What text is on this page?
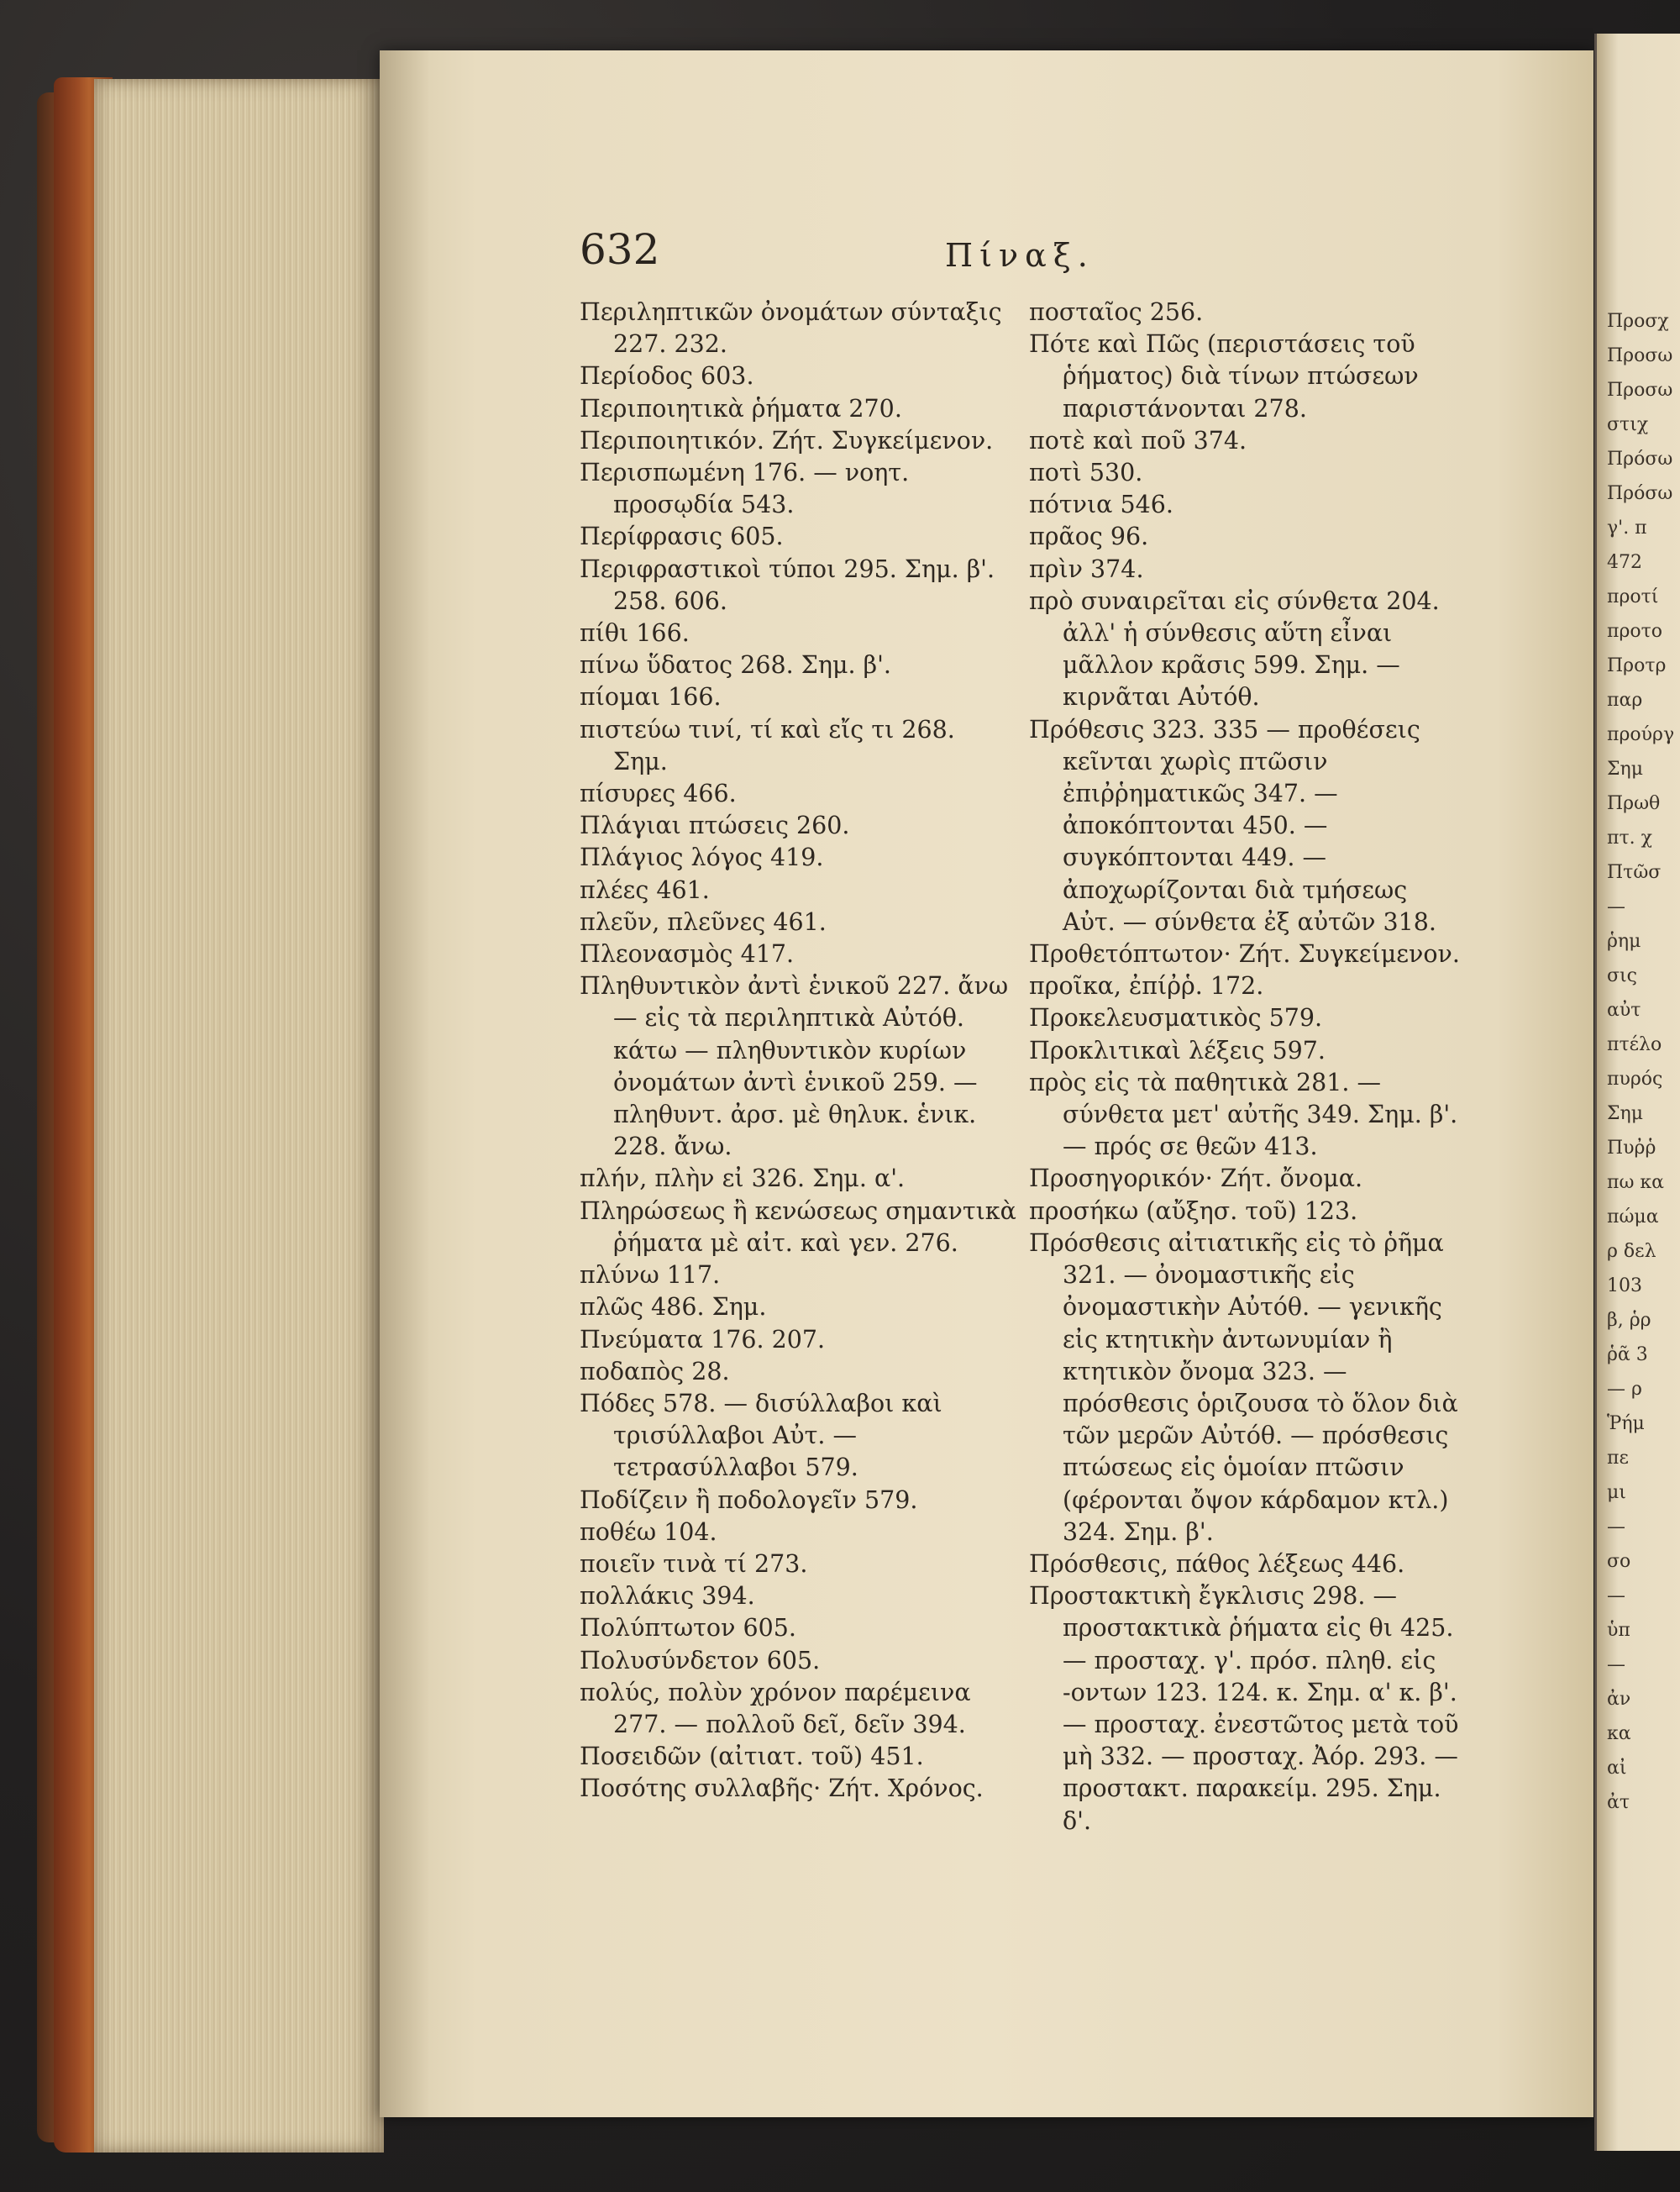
632	Πίναξ.
Περιληπτικῶν ὀνομάτων σύνταξις 227. 232.
Περίοδος 603.
Περιποιητικὰ ῥήματα 270.
Περιποιητικόν. Ζήτ. Συγκείμενον.
Περισπωμένη 176. — νοητ. προσῳδία 543.
Περίφρασις 605.
Περιφραστικοὶ τύποι 295. Σημ. β'. 258. 606.
πίθι 166.
πίνω ὕδατος 268. Σημ. β'.
πίομαι 166.
πιστεύω τινί, τί καὶ εἴς τι 268. Σημ.
πίσυρες 466.
Πλάγιαι πτώσεις 260.
Πλάγιος λόγος 419.
πλέες 461.
πλεῦν, πλεῦνες 461.
Πλεονασμὸς 417.
Πληθυντικὸν ἀντὶ ἑνικοῦ 227. ἄνω — εἰς τὰ περιληπτικὰ Αὐτόθ. κάτω — πληθυντικὸν κυρίων ὀνομάτων ἀντὶ ἑνικοῦ 259. — πληθυντ. ἀρσ. μὲ θηλυκ. ἑνικ. 228. ἄνω.
πλήν, πλὴν εἰ 326. Σημ. α'.
Πληρώσεως ἢ κενώσεως σημαντικὰ ῥήματα μὲ αἰτ. καὶ γεν. 276.
πλύνω 117.
πλῶς 486. Σημ.
Πνεύματα 176. 207.
ποδαπὸς 28.
Πόδες 578. — δισύλλαβοι καὶ τρισύλλαβοι Αὐτ. — τετρασύλλαβοι 579.
Ποδίζειν ἢ ποδολογεῖν 579.
ποθέω 104.
ποιεῖν τινὰ τί 273.
πολλάκις 394.
Πολύπτωτον 605.
Πολυσύνδετον 605.
πολύς, πολὺν χρόνον παρέμεινα 277. — πολλοῦ δεῖ, δεῖν 394.
Ποσειδῶν (αἰτιατ. τοῦ) 451.
Ποσότης συλλαβῆς· Ζήτ. Χρόνος.
ποσταῖος 256.
Πότε καὶ Πῶς (περιστάσεις τοῦ ῥήματος) διὰ τίνων πτώσεων παριστάνονται 278.
ποτὲ καὶ ποῦ 374.
ποτὶ 530.
πότνια 546.
πρᾶος 96.
πρὶν 374.
πρὸ συναιρεῖται εἰς σύνθετα 204. ἀλλ' ἡ σύνθεσις αὕτη εἶναι μᾶλλον κρᾶσις 599. Σημ. — κιρνᾶται Αὐτόθ.
Πρόθεσις 323. 335 — προθέσεις κεῖνται χωρὶς πτῶσιν ἐπιῤῥηματικῶς 347. — ἀποκόπτονται 450. — συγκόπτονται 449. — ἀποχωρίζονται διὰ τμήσεως Αὐτ. — σύνθετα ἐξ αὐτῶν 318.
Προθετόπτωτον· Ζήτ. Συγκείμενον.
προῖκα, ἐπίῤῥ. 172.
Προκελευσματικὸς 579.
Προκλιτικαὶ λέξεις 597.
πρὸς εἰς τὰ παθητικὰ 281. — σύνθετα μετ' αὐτῆς 349. Σημ. β'. — πρός σε θεῶν 413.
Προσηγορικόν· Ζήτ. ὄνομα.
προσήκω (αὔξησ. τοῦ) 123.
Πρόσθεσις αἰτιατικῆς εἰς τὸ ῥῆμα 321. — ὀνομαστικῆς εἰς ὀνομαστικὴν Αὐτόθ. — γενικῆς εἰς κτητικὴν ἀντωνυμίαν ἢ κτητικὸν ὄνομα 323. — πρόσθεσις ὁριζουσα τὸ ὅλον διὰ τῶν μερῶν Αὐτόθ. — πρόσθεσις πτώσεως εἰς ὁμοίαν πτῶσιν (φέρονται ὄψον κάρδαμον κτλ.) 324. Σημ. β'.
Πρόσθεσις, πάθος λέξεως 446.
Προστακτικὴ ἔγκλισις 298. — προστακτικὰ ῥήματα εἰς θι 425. — προσταχ. γ'. πρόσ. πληθ. εἰς -οντων 123. 124. κ. Σημ. α' κ. β'. — προσταχ. ἐνεστῶτος μετὰ τοῦ μὴ 332. — προσταχ. Ἀόρ. 293. — προστακτ. παρακείμ. 295. Σημ. δ'.
Προσχ
Προσω
Προσω
στιχ
Πρόσω
Πρόσω
γ'. π
472
προτί
προτο
Προτρ
παρ
προύργ
Σημ
Πρωθ
πτ. χ
Πτῶσ
—
ῥημ
σις
αὐτ
πτέλο
πυρός
Σημ
Πυῤῥ
πω κα
πώμα
ρ δελ
103
β, ῥρ
ῥᾶ 3
— ρ
Ῥήμ
πε
μι
—
σο
—
ὑπ
—
ἀν
κα
αἰ
ἀτ
